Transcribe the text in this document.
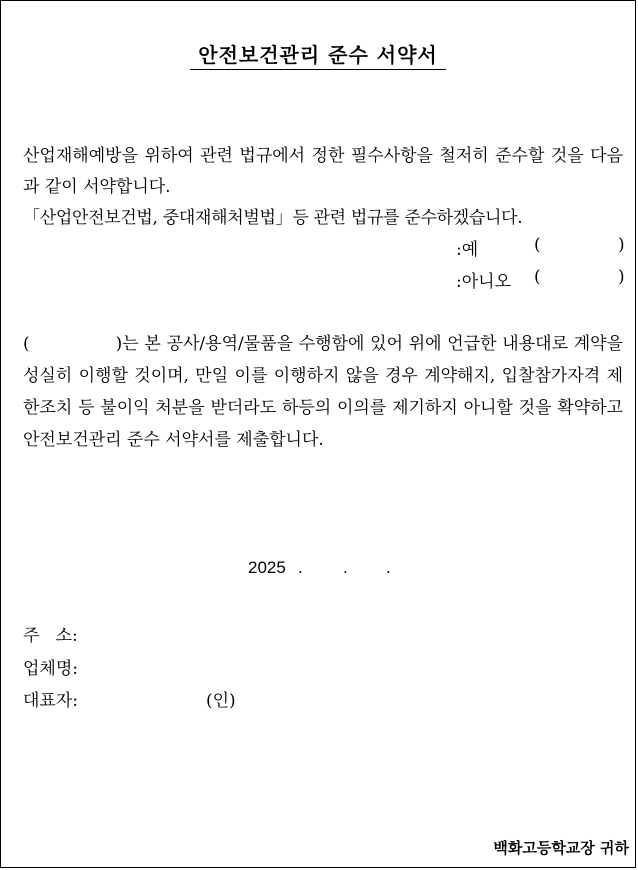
안전보건관리 준수 서약서
산업재해예방을 위하여 관련 법규에서 정한 필수사항을 철저히 준수할 것을 다음과 같이 서약합니다.
「산업안전보건법, 중대재해처벌법」등 관련 법규를 준수하겠습니다.
:예	(	)
:아니오 (	)
(	)는 본 공사/용역/물품을 수행함에 있어 위에 언급한 내용대로 계약을 성실히 이행할 것이며, 만일 이를 이행하지 않을 경우 계약해지, 입찰참가자격 제한조치 등 불이익 처분을 받더라도 하등의 이의를 제기하지 아니할 것을 확약하고 안전보건관리 준수 서약서를 제출합니다.
2025 . . .
주   소:
업체명:
대표자:	(인)
백화고등학교장 귀하
